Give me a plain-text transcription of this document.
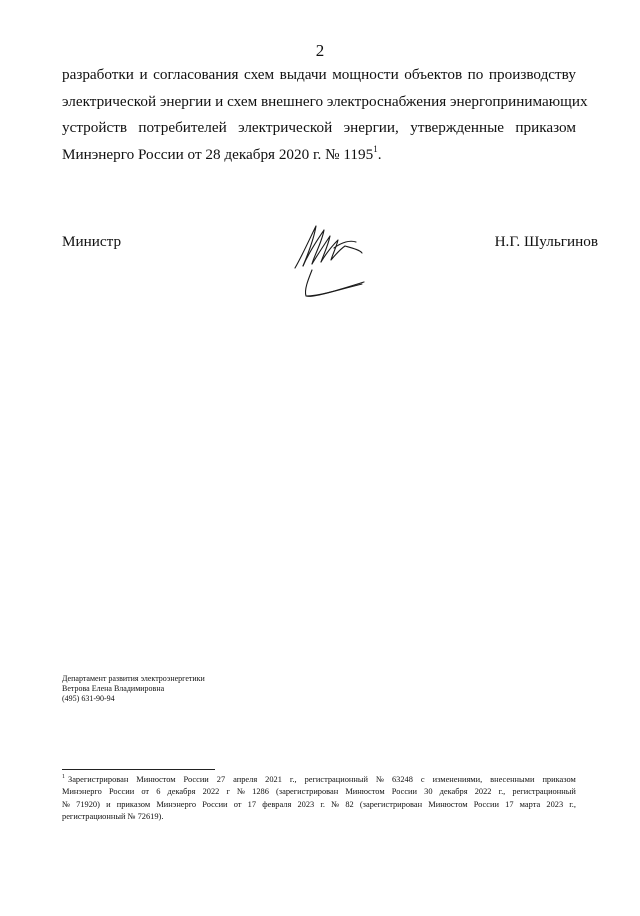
2
разработки и согласования схем выдачи мощности объектов по производству
электрической энергии и схем внешнего электроснабжения энергопринимающих
устройств потребителей электрической энергии, утвержденные приказом
Минэнерго России от 28 декабря 2020 г. № 1195$^1$.
Министр	Н.Г. Шульгинов
Департамент развития электроэнергетики
Ветрова Елена Владимировна
(495) 631-90-94
$^1$ Зарегистрирован Минюстом России 27 апреля 2021 г., регистрационный № 63248 с изменениями, внесенными приказом
Минэнерго России от 6 декабря 2022 г № 1286 (зарегистрирован Минюстом России 30 декабря 2022 г., регистрационный
№ 71920) и приказом Минэнерго России от 17 февраля 2023 г. № 82 (зарегистрирован Минюстом России 17 марта 2023 г.,
регистрационный № 72619).
